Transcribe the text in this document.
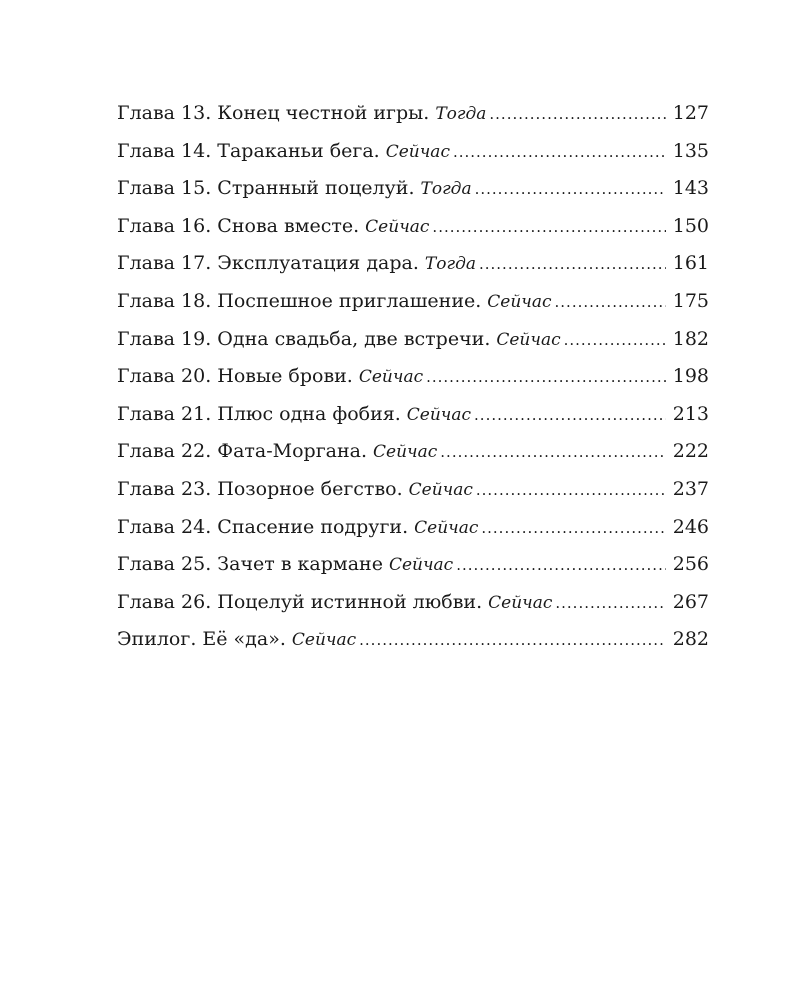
Глава 13. Конец честной игры. Тогда .....	127
Глава 14. Тараканьи бега. Сейчас .....	135
Глава 15. Странный поцелуй. Тогда .....	143
Глава 16. Снова вместе. Сейчас .....	150
Глава 17. Эксплуатация дара. Тогда .....	161
Глава 18. Поспешное приглашение. Сейчас .....	175
Глава 19. Одна свадьба, две встречи. Сейчас .....	182
Глава 20. Новые брови. Сейчас .....	198
Глава 21. Плюс одна фобия. Сейчас .....	213
Глава 22. Фата-Моргана. Сейчас .....	222
Глава 23. Позорное бегство. Сейчас .....	237
Глава 24. Спасение подруги. Сейчас .....	246
Глава 25. Зачет в кармане Сейчас .....	256
Глава 26. Поцелуй истинной любви. Сейчас .....	267
Эпилог. Её «да». Сейчас .....	282
